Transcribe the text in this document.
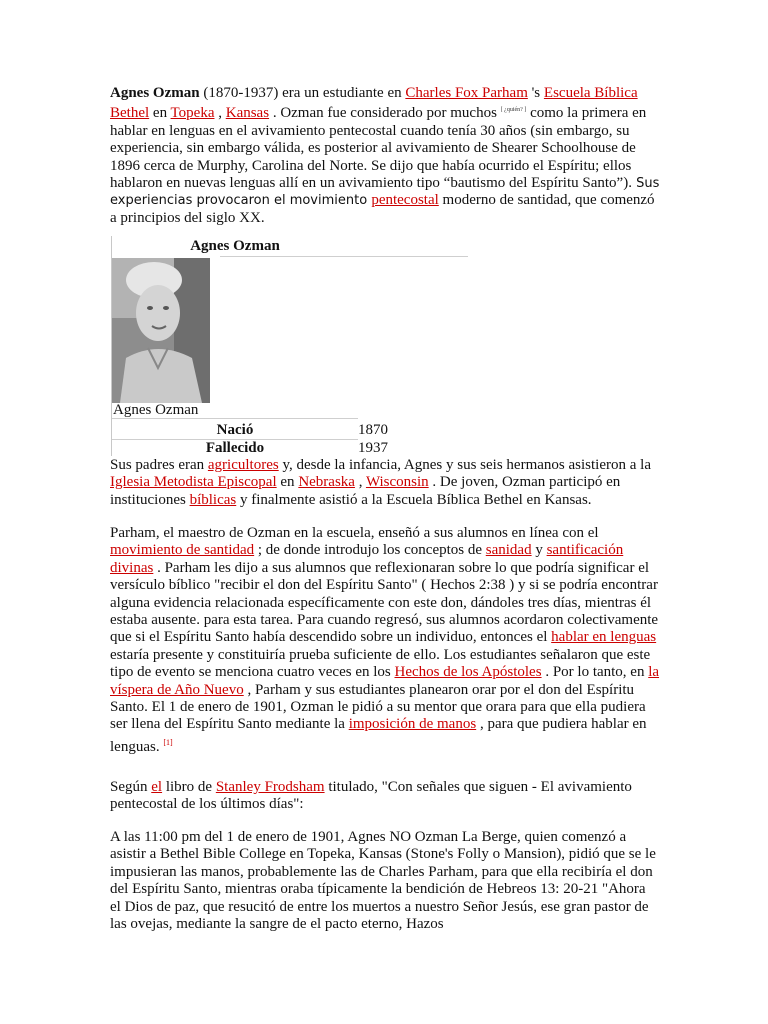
Agnes Ozman (1870-1937) era un estudiante en Charles Fox Parham 's Escuela Bíblica Bethel en Topeka , Kansas . Ozman fue considerado por muchos [ ¿quién? ] como la primera en hablar en lenguas en el avivamiento pentecostal cuando tenía 30 años (sin embargo, su experiencia, sin embargo válida, es posterior al avivamiento de Shearer Schoolhouse de 1896 cerca de Murphy, Carolina del Norte. Se dijo que había ocurrido el Espíritu; ellos hablaron en nuevas lenguas allí en un avivamiento tipo “bautismo del Espíritu Santo”). Sus experiencias provocaron el movimiento pentecostal moderno de santidad, que comenzó a principios del siglo XX.
Agnes Ozman
Agnes Ozman
Nació	1870
Fallecido	1937
Sus padres eran agricultores y, desde la infancia, Agnes y sus seis hermanos asistieron a la Iglesia Metodista Episcopal en Nebraska , Wisconsin . De joven, Ozman participó en instituciones bíblicas y finalmente asistió a la Escuela Bíblica Bethel en Kansas.
Parham, el maestro de Ozman en la escuela, enseñó a sus alumnos en línea con el movimiento de santidad ; de donde introdujo los conceptos de sanidad y santificación divinas . Parham les dijo a sus alumnos que reflexionaran sobre lo que podría significar el versículo bíblico "recibir el don del Espíritu Santo" ( Hechos 2:38 ) y si se podría encontrar alguna evidencia relacionada específicamente con este don, dándoles tres días, mientras él estaba ausente. para esta tarea. Para cuando regresó, sus alumnos acordaron colectivamente que si el Espíritu Santo había descendido sobre un individuo, entonces el hablar en lenguas estaría presente y constituiría prueba suficiente de ello. Los estudiantes señalaron que este tipo de evento se menciona cuatro veces en los Hechos de los Apóstoles . Por lo tanto, en la víspera de Año Nuevo , Parham y sus estudiantes planearon orar por el don del Espíritu Santo. El 1 de enero de 1901, Ozman le pidió a su mentor que orara para que ella pudiera ser llena del Espíritu Santo mediante la imposición de manos , para que pudiera hablar en lenguas. [1]
Según el libro de Stanley Frodsham titulado, "Con señales que siguen - El avivamiento pentecostal de los últimos días":
A las 11:00 pm del 1 de enero de 1901, Agnes NO Ozman La Berge, quien comenzó a asistir a Bethel Bible College en Topeka, Kansas (Stone's Folly o Mansion), pidió que se le impusieran las manos, probablemente las de Charles Parham, para que ella recibiría el don del Espíritu Santo, mientras oraba típicamente la bendición de Hebreos 13: 20-21 "Ahora el Dios de paz, que resucitó de entre los muertos a nuestro Señor Jesús, ese gran pastor de las ovejas, mediante la sangre de el pacto eterno, Hazos
